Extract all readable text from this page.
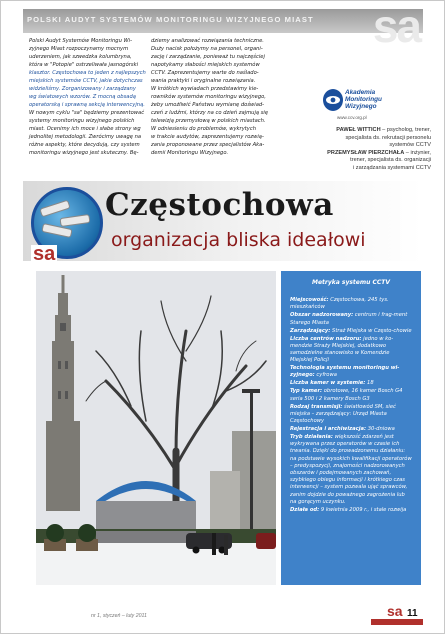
POLSKI AUDYT SYSTEMÓW MONITORINGU WIZYJNEGO MIAST	sa

Polski Audyt Systemów Monitoringu Wi-

zyjnego Miast rozpoczynamy mocnym

uderzeniem, jak szwedzka kolumbryna,

która w "Potopie" ostrzeliwała jasnogórski

klasztor. Częstochowa to jeden z najlepszych

miejskich systemów CCTV, jakie dotychczas

widzieliśmy. Zorganizowany i zarządzany

wg światowych wzorów. Z mocną obsadą

operatorską i sprawną sekcją interwencyjną.

W nowym cyklu "sa" będziemy prezentować

systemy monitoringu wizyjnego polskich

miast. Ocenimy ich moce i słabe strony wg

jednolitej metodologii. Zwrócimy uwagę na

różne aspekty, które decydują, czy system

monitoringu wizyjnego jest skuteczny. Bę-

dziemy analizować rozwiązania techniczne.

Duży nacisk położymy na personel, organi-

zację i zarządzanie, ponieważ tu najczęściej

napotykamy słabości miejskich systemów

CCTV. Zaprezentujemy warte do naślado-

wania praktyki i oryginalne rozwiązania.

W krótkich wywiadach przedstawimy kie-

rowników systemów monitoringu wizyjnego,

żeby umożliwić Państwu wymianę doświad-

czeń z ludźmi, którzy na co dzień zajmują się

telewizją przemysłową w polskich miastach.

W odniesieniu do problemów, wykrytych

w trakcie audytów, zaprezentujemy rozwią-

zania proponowane przez specjalistów Aka-

demii Monitoringu Wizyjnego.

Akademia
Monitoringu
Wizyjnego
www.ccv.org.pl
PAWEŁ WITTICH – psycholog, trener,
specjalista ds. rekrutacji personelu
systemów CCTV
PRZEMYSŁAW PIERZCHAŁA – inżynier,
trener, specjalista ds. organizacji
i zarządzania systemami CCTV
sa
Częstochowa
organizacja bliska ideałowi
Metryka systemu CCTV

Miejscowość: Częstochowa, 245 tys. mieszkańców

Obszar nadzorowany: centrum i frag-ment Starego Miasta

Zarządzający: Straż Miejska w Często-chowie

Liczba centrów nadzoru: jedno w ko-mendzie Straży Miejskiej, dodatkowo samodzielne stanowisko w Komendzie Miejskiej Policji

Technologia systemu monitoringu wi-zyjnego: cyfrowa

Liczba kamer w systemie: 18

Typ kamer: obrotowe, 16 kamer Bosch G4 seria 500 i 2 kamery Bosch G3

Rodzaj transmisji: światłowód SM, sieć miejska – zarządzający: Urząd Miasta Częstochowy

Rejestracja i archiwizacja: 30-dniowa

Tryb działania: większość zdarzeń jest wykrywana przez operatorów w czasie ich trwania. Dzięki do prowadzonemu działaniu: na podstawie wysokich kwalifikacji operatorów – predyspozycji, znajomości nadzorowanych obszarów i podejmowanych zachowań, szybkiego obiegu informacji i krótkiego czas interwencji – system pozwala ująć sprawców, zanim dojdzie do poważnego zagrożenia lub na gorącym uczynku.

Działa od: 9 kwietnia 2009 r., i stale rozwija

nr 1, styczeń – luty 2011	sa 11
